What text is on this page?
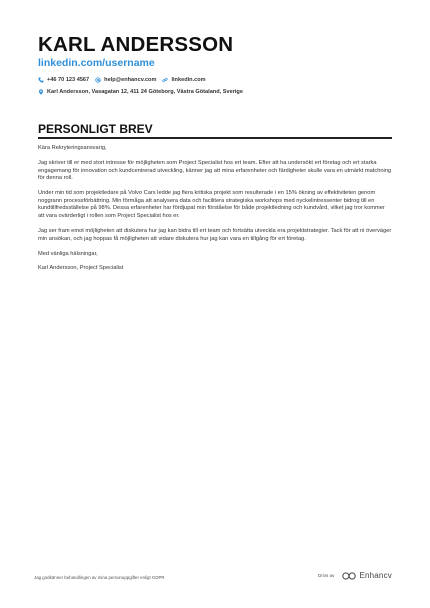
KARL ANDERSSON
linkedin.com/username
+46 70 123 4567	help@enhancv.com	linkedin.com
Karl Andersson, Vasagatan 12, 411 24 Göteborg, Västra Götaland, Sverige
PERSONLIGT BREV

Kära Rekryteringsansvarig,

Jag skriver till er med stort intresse för möjligheten som Project Specialist hos ert team. Efter att ha undersökt ert företag och ert starka engagemang för innovation och kundcentrerad utveckling, känner jag att mina erfarenheter och färdigheter skulle vara en utmärkt matchning för denna roll.

Under min tid som projektledare på Volvo Cars ledde jag flera kritiska projekt som resulterade i en 15% ökning av effektiviteten genom noggrann processförbättring. Min förmåga att analysera data och facilitera strategiska workshops med nyckelintressenter bidrog till en kundtillfredsställelse på 98%. Dessa erfarenheter har fördjupat min förståelse för både projektledning och kundvård, vilket jag tror kommer att vara ovärderligt i rollen som Project Specialist hos er.

Jag ser fram emot möjligheten att diskutera hur jag kan bidra till ert team och fortsätta utveckla era projektstrategier. Tack för att ni överväger min ansökan, och jag hoppas få möjligheten att vidare diskutera hur jag kan vara en tillgång för ert företag.

Med vänliga hälsningar,

Karl Andersson, Project Specialist

Jag godkänner behandlingen av mina personuppgifter enligt GDPR	Drivs av	Enhancv
